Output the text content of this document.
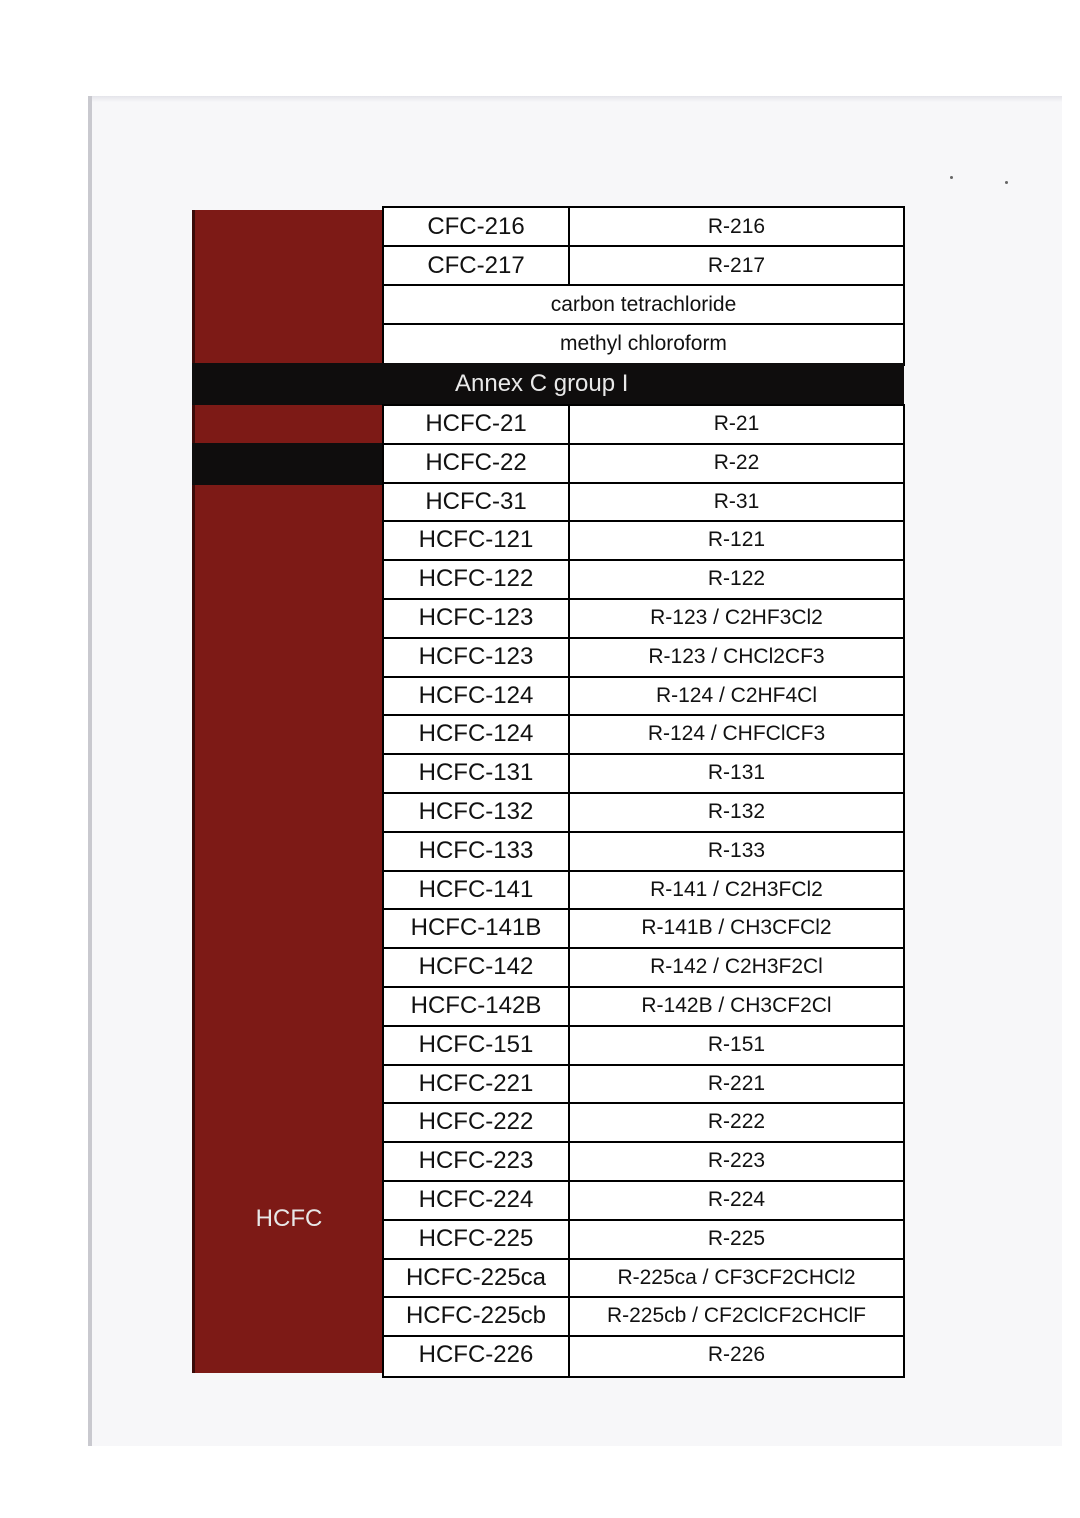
CFC-216	R-216
CFC-217	R-217
carbon tetrachloride
methyl chloroform
Annex C group I
HCFC-21	R-21
HCFC-22	R-22
HCFC-31	R-31
HCFC-121	R-121
HCFC-122	R-122
HCFC-123	R-123 / C2HF3Cl2
HCFC-123	R-123 / CHCl2CF3
HCFC-124	R-124 / C2HF4Cl
HCFC-124	R-124 / CHFClCF3
HCFC-131	R-131
HCFC-132	R-132
HCFC-133	R-133
HCFC-141	R-141 / C2H3FCl2
HCFC-141B	R-141B / CH3CFCl2
HCFC-142	R-142 / C2H3F2Cl
HCFC-142B	R-142B / CH3CF2Cl
HCFC-151	R-151
HCFC-221	R-221
HCFC-222	R-222
HCFC-223	R-223
HCFC-224	R-224
HCFC-225	R-225
HCFC-225ca	R-225ca / CF3CF2CHCl2
HCFC-225cb	R-225cb / CF2ClCF2CHClF
HCFC-226	R-226
HCFC
